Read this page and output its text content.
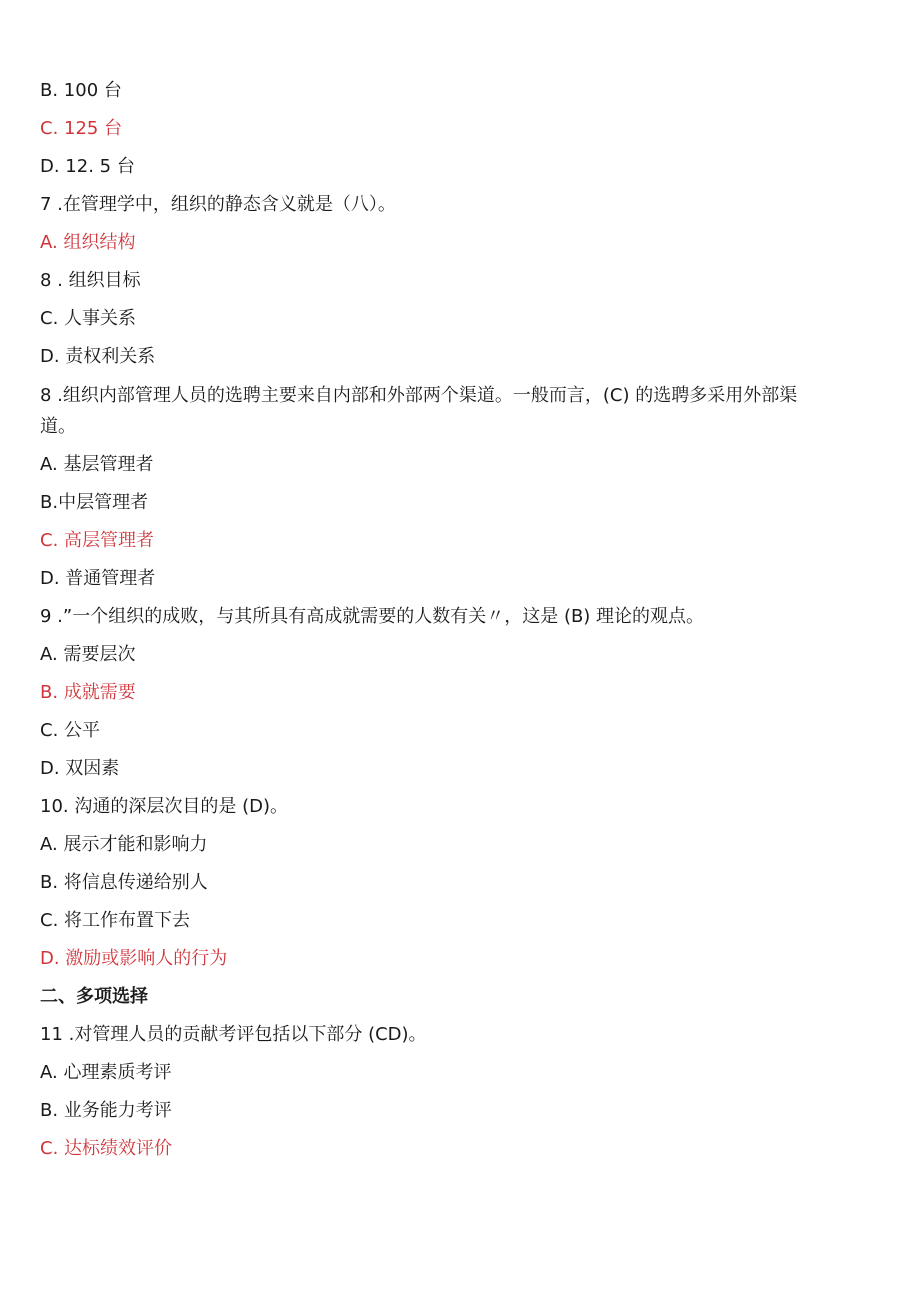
B. 100 台
C. 125 台
D. 12. 5 台
7 .在管理学中，组织的静态含义就是（八）。
A. 组织结构
8 . 组织目标
C. 人事关系
D. 责权利关系
8 .组织内部管理人员的选聘主要来自内部和外部两个渠道。一般而言，(C) 的选聘多采用外部渠道。
A. 基层管理者
B.中层管理者
C. 高层管理者
D. 普通管理者
9 .”一个组织的成败，与其所具有高成就需要的人数有关〃，这是 (B) 理论的观点。
A. 需要层次
B. 成就需要
C. 公平
D. 双因素
10. 沟通的深层次目的是 (D)。
A. 展示才能和影响力
B. 将信息传递给别人
C. 将工作布置下去
D. 激励或影响人的行为
二、多项选择
11 .对管理人员的贡献考评包括以下部分 (CD)。
A. 心理素质考评
B. 业务能力考评
C. 达标绩效评价
